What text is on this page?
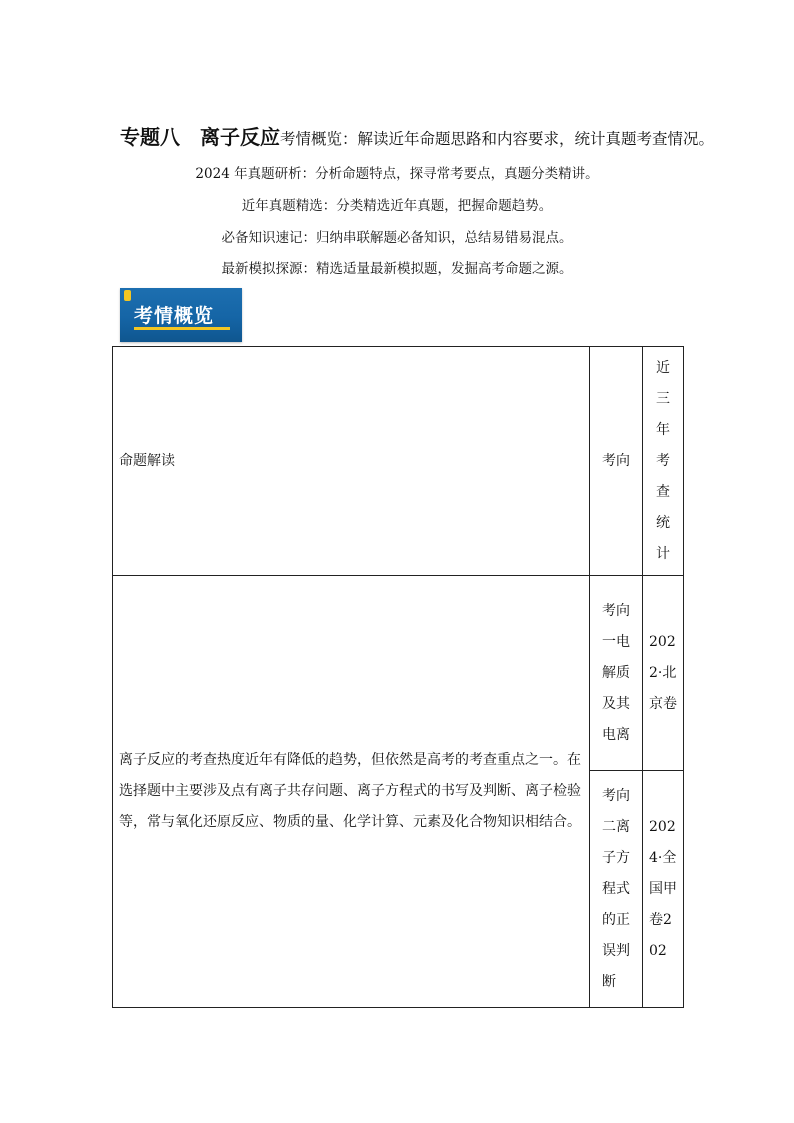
专题八　离子反应考情概览：解读近年命题思路和内容要求，统计真题考查情况。
2024 年真题研析：分析命题特点，探寻常考要点，真题分类精讲。
近年真题精选：分类精选近年真题，把握命题趋势。
必备知识速记：归纳串联解题必备知识，总结易错易混点。
最新模拟探源：精选适量最新模拟题，发掘高考命题之源。
考情概览
命题解读	考向	近三年考查统计

离子反应的考查热度近年有降低的趋势，但依然是高考的考查重点之一。在选择题中主要涉及点有离子共存问题、离子方程式的书写及判断、离子检验等，常与氧化还原反应、物质的量、化学计算、元素及化合物知识相结合。	考向一电解质及其电离	2022·北京卷

	考向二离子方程式的正误判断	2024·全国甲卷202
